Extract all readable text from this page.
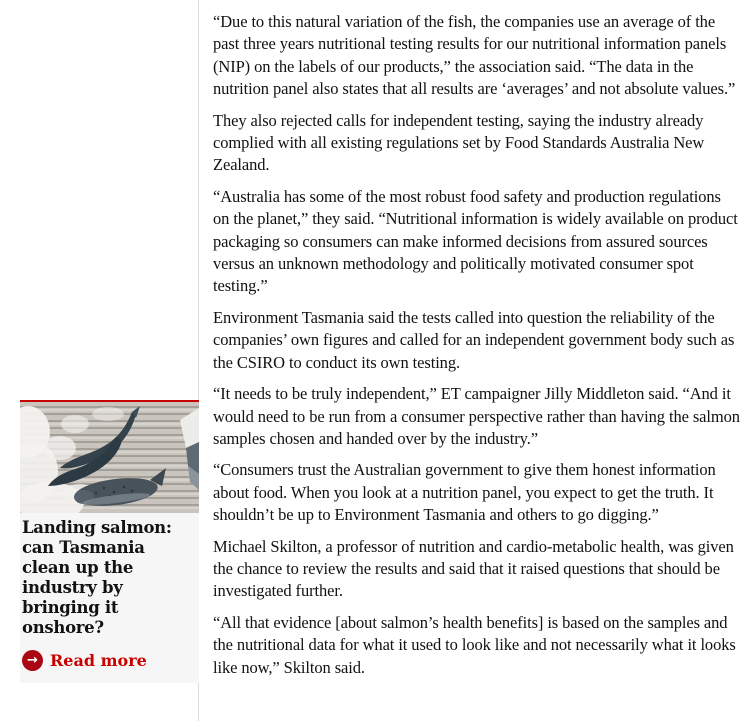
Landing salmon: can Tasmania clean up the industry by bringing it onshore?
→ Read more

“Due to this natural variation of the fish, the companies use an average of the past three years nutritional testing results for our nutritional information panels (NIP) on the labels of our products,” the association said. “The data in the nutrition panel also states that all results are ‘averages’ and not absolute values.”

They also rejected calls for independent testing, saying the industry already complied with all existing regulations set by Food Standards Australia New Zealand.

“Australia has some of the most robust food safety and production regulations on the planet,” they said. “Nutritional information is widely available on product packaging so consumers can make informed decisions from assured sources versus an unknown methodology and politically motivated consumer spot testing.”

Environment Tasmania said the tests called into question the reliability of the companies’ own figures and called for an independent government body such as the CSIRO to conduct its own testing.

“It needs to be truly independent,” ET campaigner Jilly Middleton said. “And it would need to be run from a consumer perspective rather than having the salmon samples chosen and handed over by the industry.”

“Consumers trust the Australian government to give them honest information about food. When you look at a nutrition panel, you expect to get the truth. It shouldn’t be up to Environment Tasmania and others to go digging.”

Michael Skilton, a professor of nutrition and cardio-metabolic health, was given the chance to review the results and said that it raised questions that should be investigated further.

“All that evidence [about salmon’s health benefits] is based on the samples and the nutritional data for what it used to look like and not necessarily what it looks like now,” Skilton said.
